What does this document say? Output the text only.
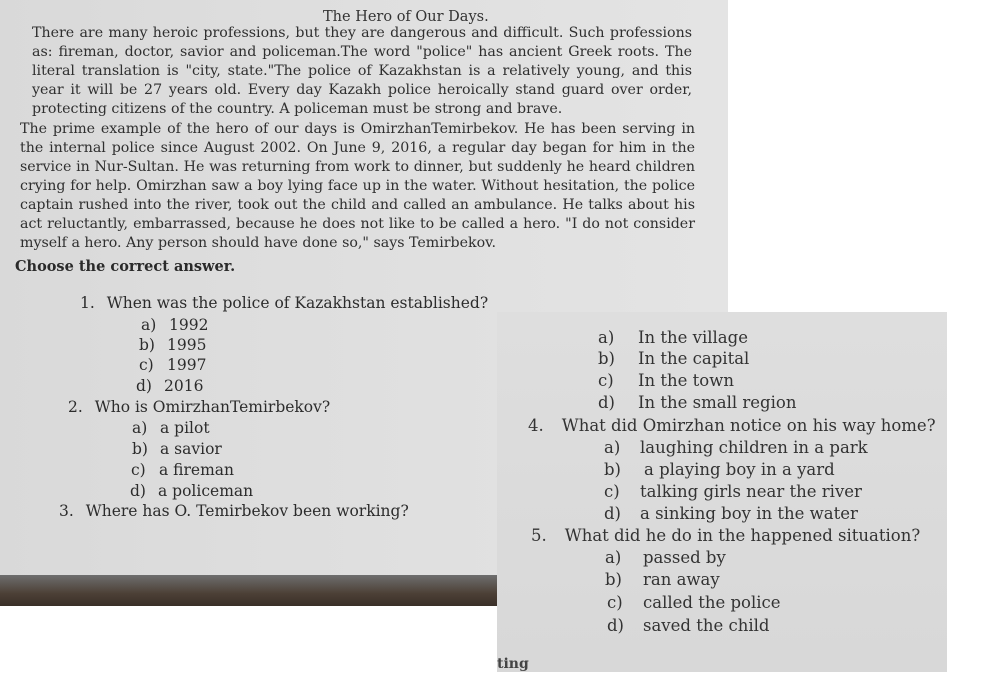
The Hero of Our Days.
There are many heroic professions, but they are dangerous and difficult. Such professions as: fireman, doctor, savior and policeman.The word "police" has ancient Greek roots. The literal translation is "city, state."The police of Kazakhstan is a relatively young, and this year it will be 27 years old. Every day Kazakh police heroically stand guard over order, protecting citizens of the country. A policeman must be strong and brave.
The prime example of the hero of our days is OmirzhanTemirbekov. He has been serving in the internal police since August 2002. On June 9, 2016, a regular day began for him in the service in Nur-Sultan. He was returning from work to dinner, but suddenly he heard children crying for help. Omirzhan saw a boy lying face up in the water. Without hesitation, the police captain rushed into the river, took out the child and called an ambulance. He talks about his act reluctantly, embarrassed, because he does not like to be called a hero. "I do not consider myself a hero. Any person should have done so," says Temirbekov.
Choose the correct answer.
1. When was the police of Kazakhstan established?
a) 1992
b) 1995
c) 1997
d) 2016
2. Who is OmirzhanTemirbekov?
a) a pilot
b) a savior
c) a fireman
d) a policeman
3. Where has O. Temirbekov been working?
a) In the village
b) In the capital
c) In the town
d) In the small region
4. What did Omirzhan notice on his way home?
a) laughing children in a park
b) a playing boy in a yard
c) talking girls near the river
d) a sinking boy in the water
5. What did he do in the happened situation?
a) passed by
b) ran away
c) called the police
d) saved the child
ting
